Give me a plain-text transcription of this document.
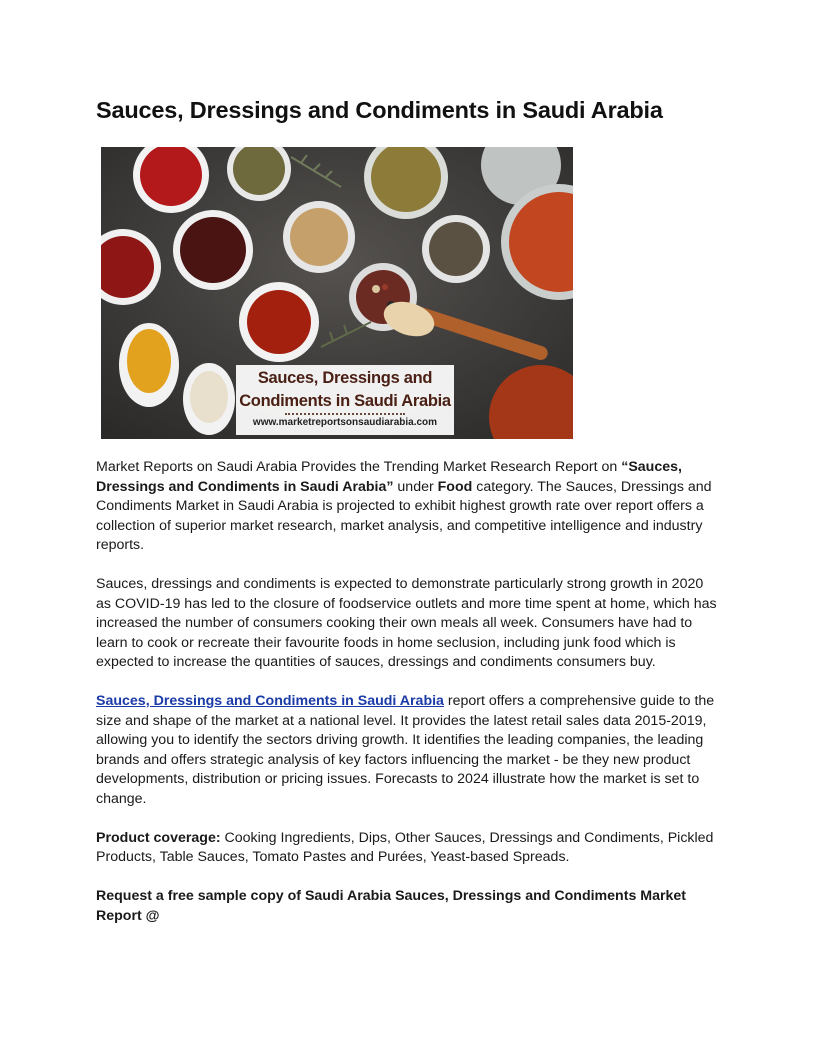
Sauces, Dressings and Condiments in Saudi Arabia
Sauces, Dressings and
Condiments in Saudi Arabia
www.marketreportsonsaudiarabia.com

Market Reports on Saudi Arabia Provides the Trending Market Research Report on “Sauces, Dressings and Condiments in Saudi Arabia” under Food category. The Sauces, Dressings and Condiments Market in Saudi Arabia is projected to exhibit highest growth rate over report offers a collection of superior market research, market analysis, and competitive intelligence and industry reports.

Sauces, dressings and condiments is expected to demonstrate particularly strong growth in 2020 as COVID-19 has led to the closure of foodservice outlets and more time spent at home, which has increased the number of consumers cooking their own meals all week. Consumers have had to learn to cook or recreate their favourite foods in home seclusion, including junk food which is expected to increase the quantities of sauces, dressings and condiments consumers buy.

Sauces, Dressings and Condiments in Saudi Arabia report offers a comprehensive guide to the size and shape of the market at a national level. It provides the latest retail sales data 2015-2019, allowing you to identify the sectors driving growth. It identifies the leading companies, the leading brands and offers strategic analysis of key factors influencing the market - be they new product developments, distribution or pricing issues. Forecasts to 2024 illustrate how the market is set to change.

Product coverage: Cooking Ingredients, Dips, Other Sauces, Dressings and Condiments, Pickled Products, Table Sauces, Tomato Pastes and Purées, Yeast-based Spreads.

Request a free sample copy of Saudi Arabia Sauces, Dressings and Condiments Market Report @
